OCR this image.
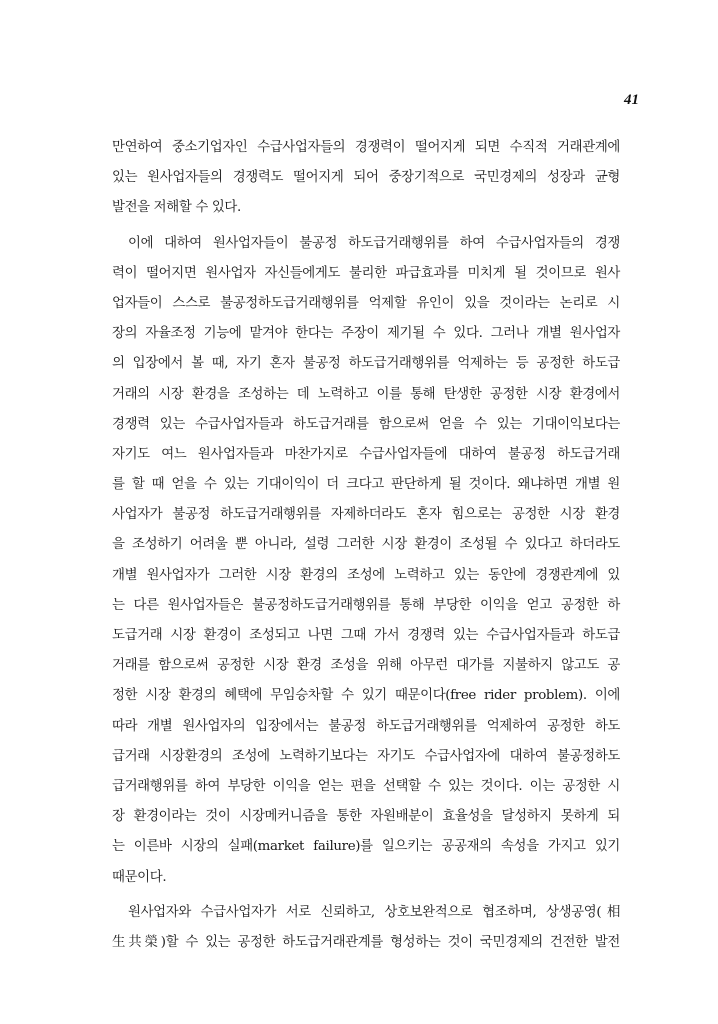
41
만연하여 중소기업자인 수급사업자들의 경쟁력이 떨어지게 되면 수직적 거래관계에
있는 원사업자들의 경쟁력도 떨어지게 되어 중장기적으로 국민경제의 성장과 균형
발전을 저해할 수 있다.
이에 대하여 원사업자들이 불공정 하도급거래행위를 하여 수급사업자들의 경쟁
력이 떨어지면 원사업자 자신들에게도 불리한 파급효과를 미치게 될 것이므로 원사
업자들이 스스로 불공정하도급거래행위를 억제할 유인이 있을 것이라는 논리로 시
장의 자율조정 기능에 맡겨야 한다는 주장이 제기될 수 있다. 그러나 개별 원사업자
의 입장에서 볼 때, 자기 혼자 불공정 하도급거래행위를 억제하는 등 공정한 하도급
거래의 시장 환경을 조성하는 데 노력하고 이를 통해 탄생한 공정한 시장 환경에서
경쟁력 있는 수급사업자들과 하도급거래를 함으로써 얻을 수 있는 기대이익보다는
자기도 여느 원사업자들과 마찬가지로 수급사업자들에 대하여 불공정 하도급거래
를 할 때 얻을 수 있는 기대이익이 더 크다고 판단하게 될 것이다. 왜냐하면 개별 원
사업자가 불공정 하도급거래행위를 자제하더라도 혼자 힘으로는 공정한 시장 환경
을 조성하기 어려울 뿐 아니라, 설령 그러한 시장 환경이 조성될 수 있다고 하더라도
개별 원사업자가 그러한 시장 환경의 조성에 노력하고 있는 동안에 경쟁관계에 있
는 다른 원사업자들은 불공정하도급거래행위를 통해 부당한 이익을 얻고 공정한 하
도급거래 시장 환경이 조성되고 나면 그때 가서 경쟁력 있는 수급사업자들과 하도급
거래를 함으로써 공정한 시장 환경 조성을 위해 아무런 대가를 지불하지 않고도 공
정한 시장 환경의 혜택에 무임승차할 수 있기 때문이다(free rider problem). 이에
따라 개별 원사업자의 입장에서는 불공정 하도급거래행위를 억제하여 공정한 하도
급거래 시장환경의 조성에 노력하기보다는 자기도 수급사업자에 대하여 불공정하도
급거래행위를 하여 부당한 이익을 얻는 편을 선택할 수 있는 것이다. 이는 공정한 시
장 환경이라는 것이 시장메커니즘을 통한 자원배분이 효율성을 달성하지 못하게 되
는 이른바 시장의 실패(market failure)를 일으키는 공공재의 속성을 가지고 있기
때문이다.
원사업자와 수급사업자가 서로 신뢰하고, 상호보완적으로 협조하며, 상생공영(相
生共榮)할 수 있는 공정한 하도급거래관계를 형성하는 것이 국민경제의 건전한 발전
